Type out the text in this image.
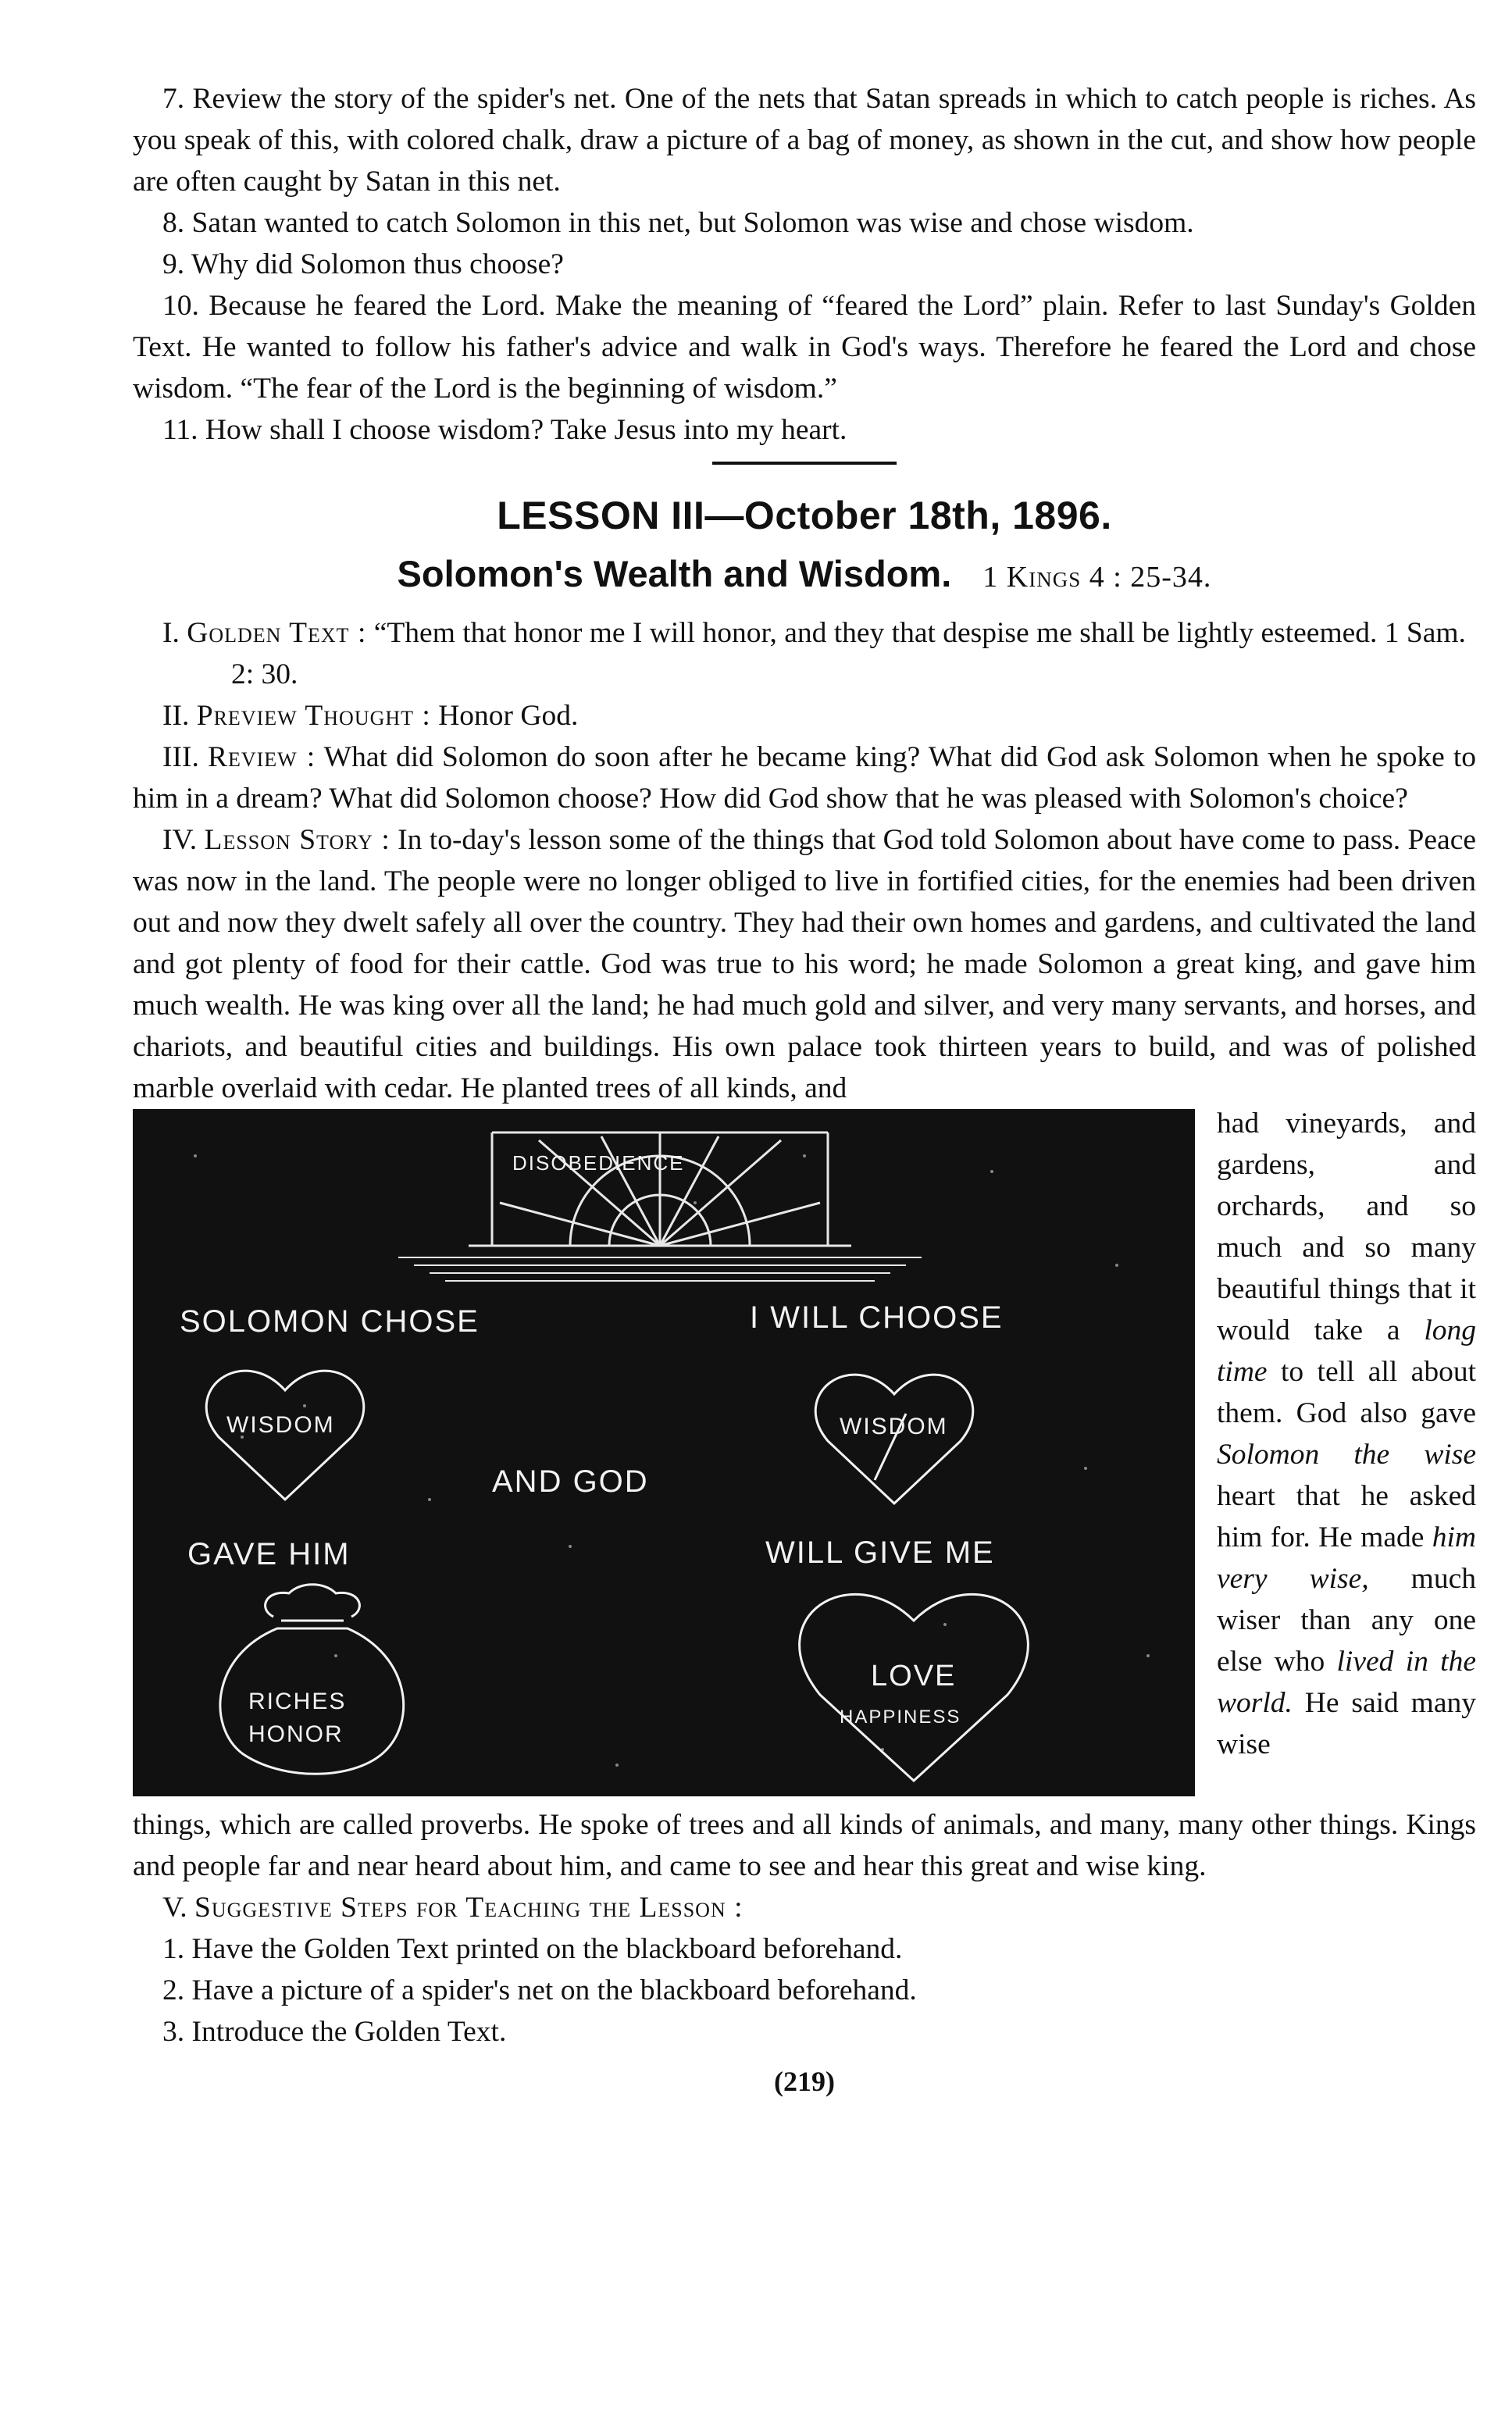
7. Review the story of the spider's net. One of the nets that Satan spreads in which to catch people is riches. As you speak of this, with colored chalk, draw a picture of a bag of money, as shown in the cut, and show how people are often caught by Satan in this net.

8. Satan wanted to catch Solomon in this net, but Solomon was wise and chose wisdom.

9. Why did Solomon thus choose?

10. Because he feared the Lord. Make the meaning of “feared the Lord” plain. Refer to last Sunday's Golden Text. He wanted to follow his father's advice and walk in God's ways. Therefore he feared the Lord and chose wisdom. “The fear of the Lord is the beginning of wisdom.”

11. How shall I choose wisdom? Take Jesus into my heart.

LESSON III—October 18th, 1896.
Solomon's Wealth and Wisdom. 1 Kings 4 : 25-34.

I. Golden Text : “Them that honor me I will honor, and they that despise me shall be lightly esteemed. 1 Sam. 2: 30.

II. Preview Thought : Honor God.

III. Review : What did Solomon do soon after he became king? What did God ask Solomon when he spoke to him in a dream? What did Solomon choose? How did God show that he was pleased with Solomon's choice?

IV. Lesson Story : In to-day's lesson some of the things that God told Solomon about have come to pass. Peace was now in the land. The people were no longer obliged to live in fortified cities, for the enemies had been driven out and now they dwelt safely all over the country. They had their own homes and gardens, and cultivated the land and got plenty of food for their cattle. God was true to his word; he made Solomon a great king, and gave him much wealth. He was king over all the land; he had much gold and silver, and very many servants, and horses, and chariots, and beautiful cities and buildings. His own palace took thirteen years to build, and was of polished marble overlaid with cedar. He planted trees of all kinds, and

DISOBEDIENCE
SOLOMON CHOSE	I WILL CHOOSE
WISDOM	WISDOM
AND GOD
GAVE HIM	WILL GIVE ME
RICHES
HONOR
LOVE
HAPPINESS
had vineyards, and gardens, and orchards, and so much and so many beautiful things that it would take a long time to tell all about them. God also gave Solomon the wise heart that he asked him for. He made him very wise, much wiser than any one else who lived in the world. He said many wise

things, which are called proverbs. He spoke of trees and all kinds of animals, and many, many other things. Kings and people far and near heard about him, and came to see and hear this great and wise king.

V. Suggestive Steps for Teaching the Lesson :

1. Have the Golden Text printed on the blackboard beforehand.

2. Have a picture of a spider's net on the blackboard beforehand.

3. Introduce the Golden Text.

(219)
